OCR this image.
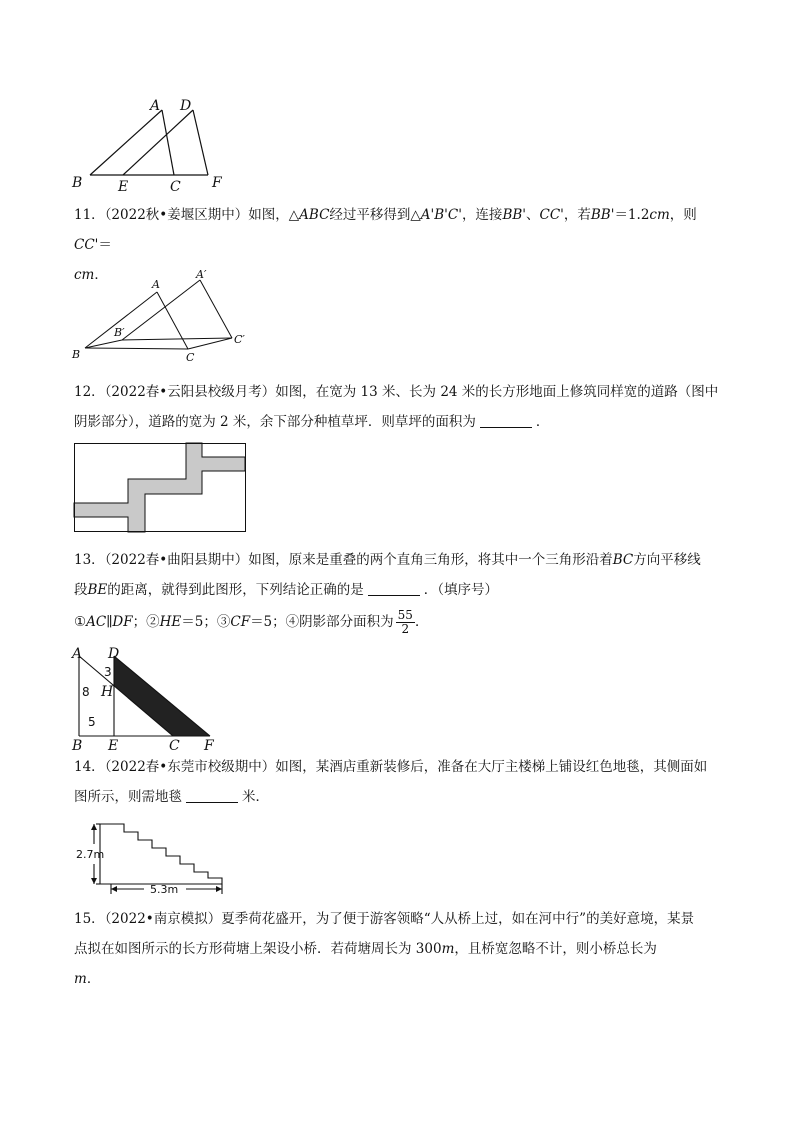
A D
B	E	C F
11．（2022秋•姜堰区期中）如图，△ABC经过平移得到△A'B'C'，连接BB'、CC'，若BB'＝1.2cm，则CC'＝
cm．
A
A′
B′
B	C
C′
12．（2022春•云阳县校级月考）如图，在宽为 13 米、长为 24 米的长方形地面上修筑同样宽的道路（图中
阴影部分），道路的宽为 2 米，余下部分种植草坪．则草坪的面积为	．
13．（2022春•曲阳县期中）如图，原来是重叠的两个直角三角形，将其中一个三角形沿着BC方向平移线
段BE的距离，就得到此图形，下列结论正确的是	．（填序号）
①AC∥DF；②HE＝5；③CF＝5；④阴影部分面积为 $\frac{55}{2}$ ．
A D
3
8 H
5
B E	C F
14．（2022春•东莞市校级期中）如图，某酒店重新装修后，准备在大厅主楼梯上铺设红色地毯，其侧面如
图所示，则需地毯	米．
2.7m
5.3m
15．（2022•南京模拟）夏季荷花盛开，为了便于游客领略“人从桥上过，如在河中行”的美好意境，某景
点拟在如图所示的长方形荷塘上架设小桥．若荷塘周长为 300m，且桥宽忽略不计，则小桥总长为
m．
